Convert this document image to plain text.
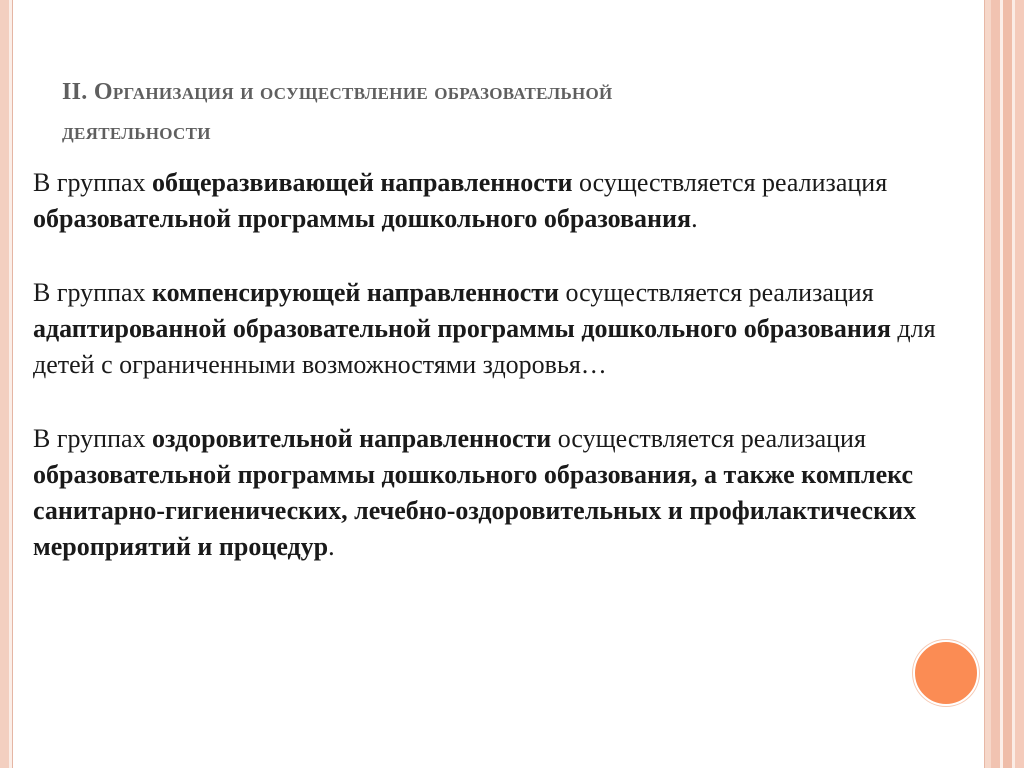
II. Организация и осуществление образовательной
деятельности

В группах общеразвивающей направленности осуществляется реализация
образовательной программы дошкольного образования.

В группах компенсирующей направленности осуществляется реализация адаптированной образовательной программы дошкольного образования для детей с ограниченными возможностями здоровья…

В группах оздоровительной направленности осуществляется реализация образовательной программы дошкольного образования, а также комплекс санитарно-гигиенических, лечебно-оздоровительных и профилактических мероприятий и процедур.
